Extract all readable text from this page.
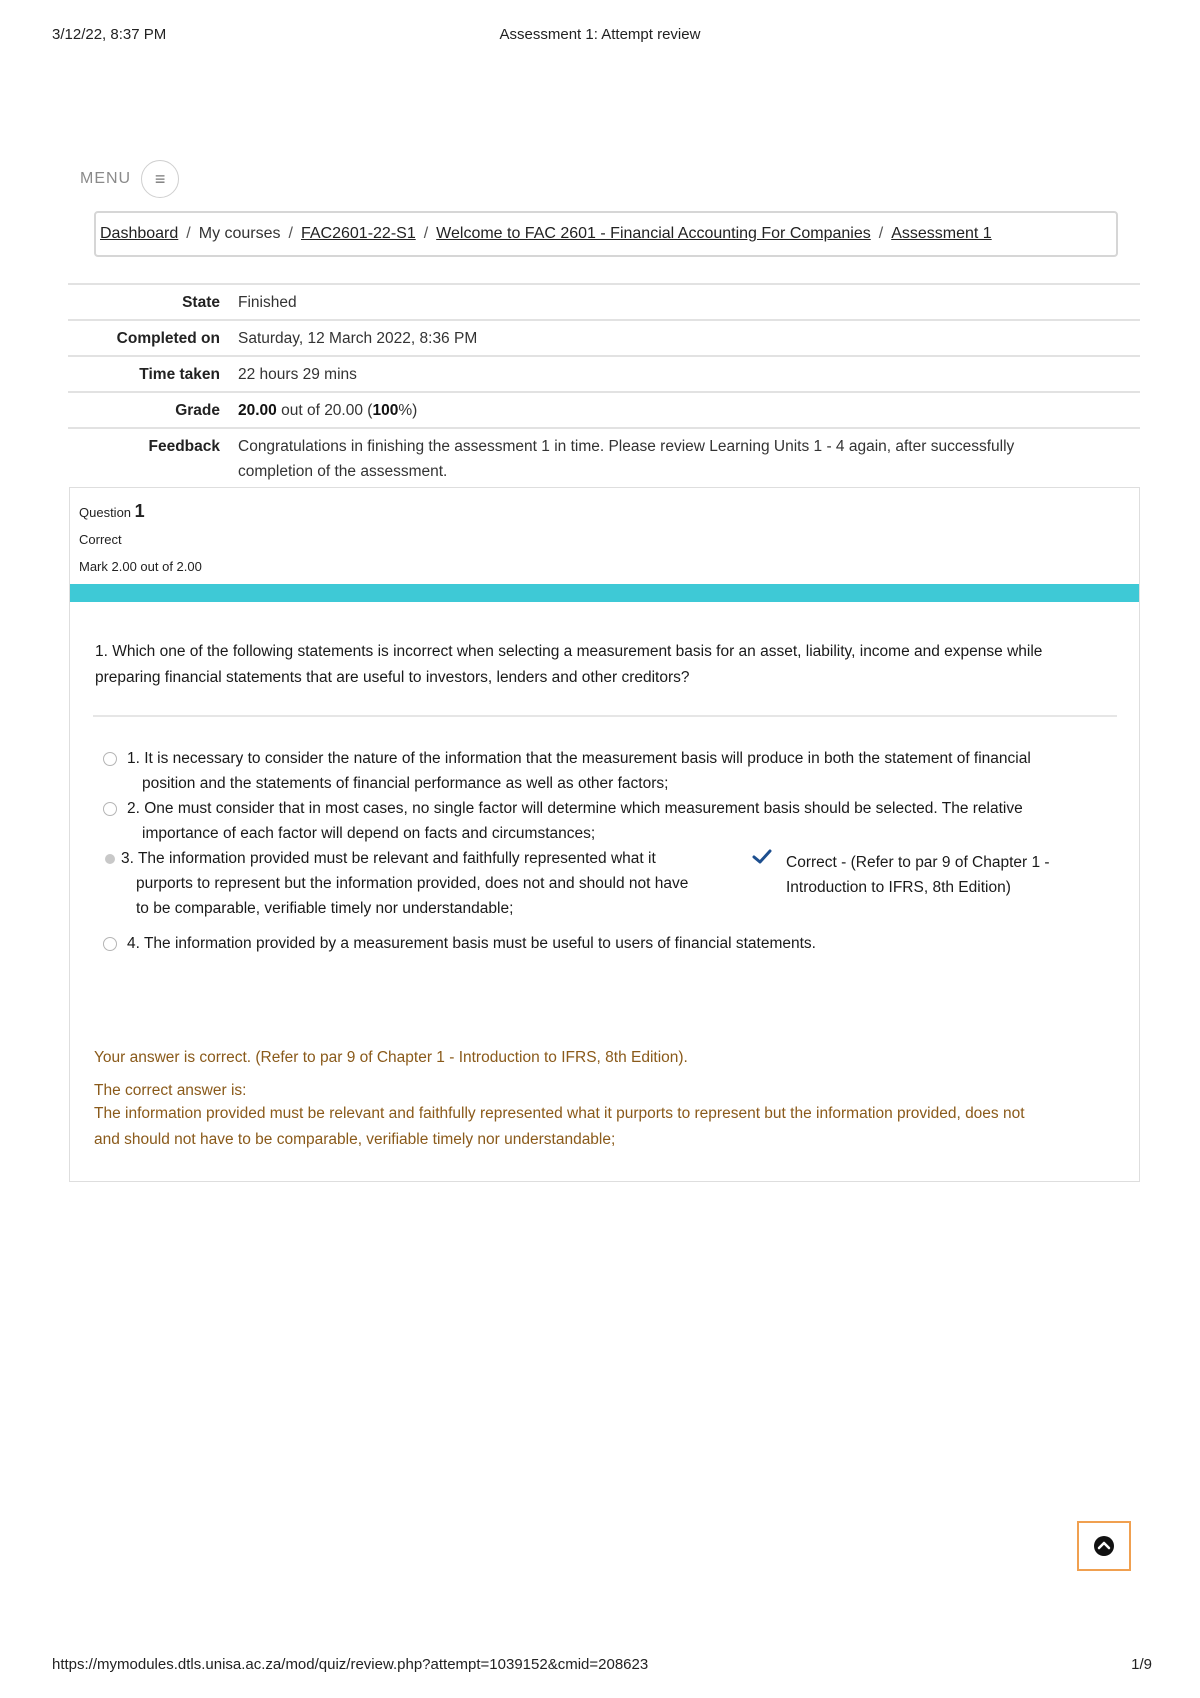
3/12/22, 8:37 PM	Assessment 1: Attempt review
MENU	≡
Dashboard / My courses / FAC2601-22-S1 / Welcome to FAC 2601 - Financial Accounting For Companies / Assessment 1
State	Finished
Completed on	Saturday, 12 March 2022, 8:36 PM
Time taken	22 hours 29 mins
Grade	20.00 out of 20.00 (100%)
Feedback	Congratulations in finishing the assessment 1 in time. Please review Learning Units 1 - 4 again, after successfully
completion of the assessment.
Question 1
Correct
Mark 2.00 out of 2.00
1. Which one of the following statements is incorrect when selecting a measurement basis for an asset, liability, income and expense while
preparing financial statements that are useful to investors, lenders and other creditors?
1. It is necessary to consider the nature of the information that the measurement basis will produce in both the statement of financial
position and the statements of financial performance as well as other factors;
2. One must consider that in most cases, no single factor will determine which measurement basis should be selected. The relative
importance of each factor will depend on facts and circumstances;
3. The information provided must be relevant and faithfully represented what it
purports to represent but the information provided, does not and should not have
to be comparable, verifiable timely nor understandable;
Correct - (Refer to par 9 of Chapter 1 -
Introduction to IFRS, 8th Edition)
4. The information provided by a measurement basis must be useful to users of financial statements.
Your answer is correct. (Refer to par 9 of Chapter 1 - Introduction to IFRS, 8th Edition).
The correct answer is:
The information provided must be relevant and faithfully represented what it purports to represent but the information provided, does not
and should not have to be comparable, verifiable timely nor understandable;
https://mymodules.dtls.unisa.ac.za/mod/quiz/review.php?attempt=1039152&cmid=208623	1/9
